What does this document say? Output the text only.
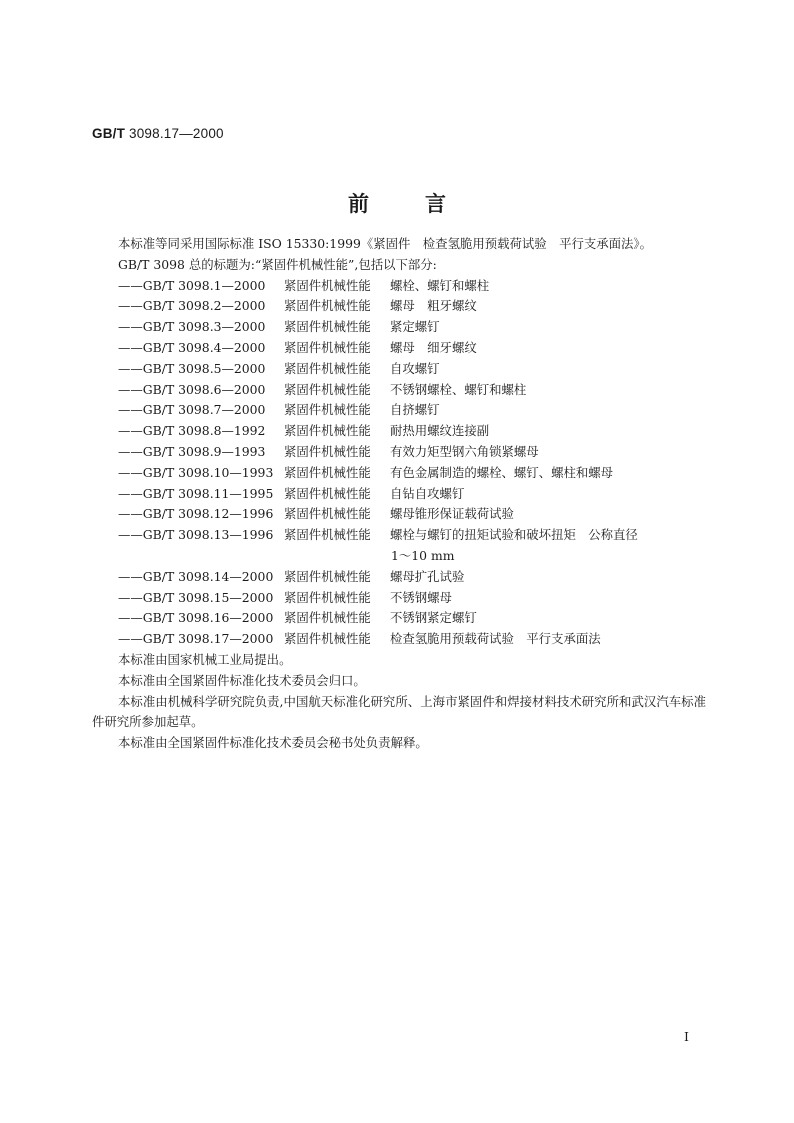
GB/T 3098.17—2000
前言
本标准等同采用国际标准 ISO 15330:1999《紧固件　检查氢脆用预载荷试验　平行支承面法》。
GB/T 3098 总的标题为:“紧固件机械性能”,包括以下部分:
——GB/T 3098.1—2000	紧固件机械性能	螺栓、螺钉和螺柱
——GB/T 3098.2—2000	紧固件机械性能	螺母　粗牙螺纹
——GB/T 3098.3—2000	紧固件机械性能	紧定螺钉
——GB/T 3098.4—2000	紧固件机械性能	螺母　细牙螺纹
——GB/T 3098.5—2000	紧固件机械性能	自攻螺钉
——GB/T 3098.6—2000	紧固件机械性能	不锈钢螺栓、螺钉和螺柱
——GB/T 3098.7—2000	紧固件机械性能	自挤螺钉
——GB/T 3098.8—1992	紧固件机械性能	耐热用螺纹连接副
——GB/T 3098.9—1993	紧固件机械性能	有效力矩型钢六角锁紧螺母
——GB/T 3098.10—1993 紧固件机械性能	有色金属制造的螺栓、螺钉、螺柱和螺母
——GB/T 3098.11—1995 紧固件机械性能	自钻自攻螺钉
——GB/T 3098.12—1996 紧固件机械性能	螺母锥形保证载荷试验
——GB/T 3098.13—1996 紧固件机械性能	螺栓与螺钉的扭矩试验和破坏扭矩　公称直径
1～10 mm
——GB/T 3098.14—2000 紧固件机械性能	螺母扩孔试验
——GB/T 3098.15—2000 紧固件机械性能	不锈钢螺母
——GB/T 3098.16—2000 紧固件机械性能	不锈钢紧定螺钉
——GB/T 3098.17—2000 紧固件机械性能	检查氢脆用预载荷试验　平行支承面法
本标准由国家机械工业局提出。
本标准由全国紧固件标准化技术委员会归口。
本标准由机械科学研究院负责,中国航天标准化研究所、上海市紧固件和焊接材料技术研究所和武汉汽车标准件研究所参加起草。
本标准由全国紧固件标准化技术委员会秘书处负责解释。
I
